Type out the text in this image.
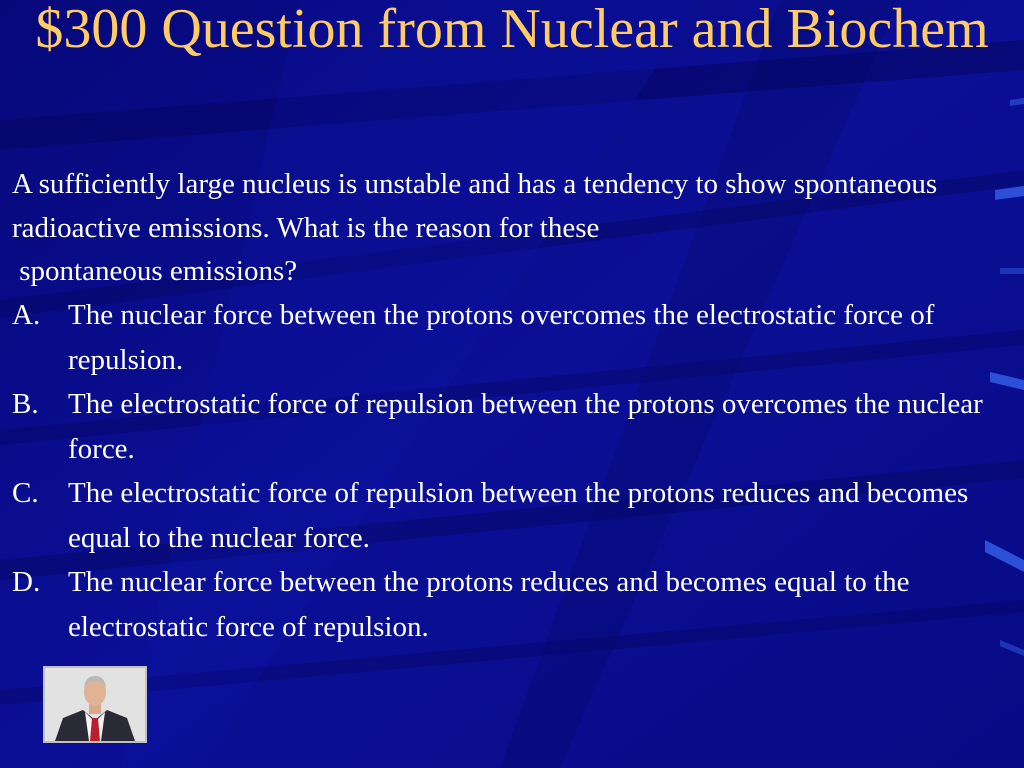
$300 Question from Nuclear and Biochem

A sufficiently large nucleus is unstable and has a tendency to show spontaneous radioactive emissions. What is the reason for these
spontaneous emissions?

A. The nuclear force between the protons overcomes the electrostatic force of repulsion.
B.	The electrostatic force of repulsion between the protons overcomes the nuclear force.
C.	The electrostatic force of repulsion between the protons reduces and becomes equal to the nuclear force.
D. The nuclear force between the protons reduces and becomes equal to the electrostatic force of repulsion.
